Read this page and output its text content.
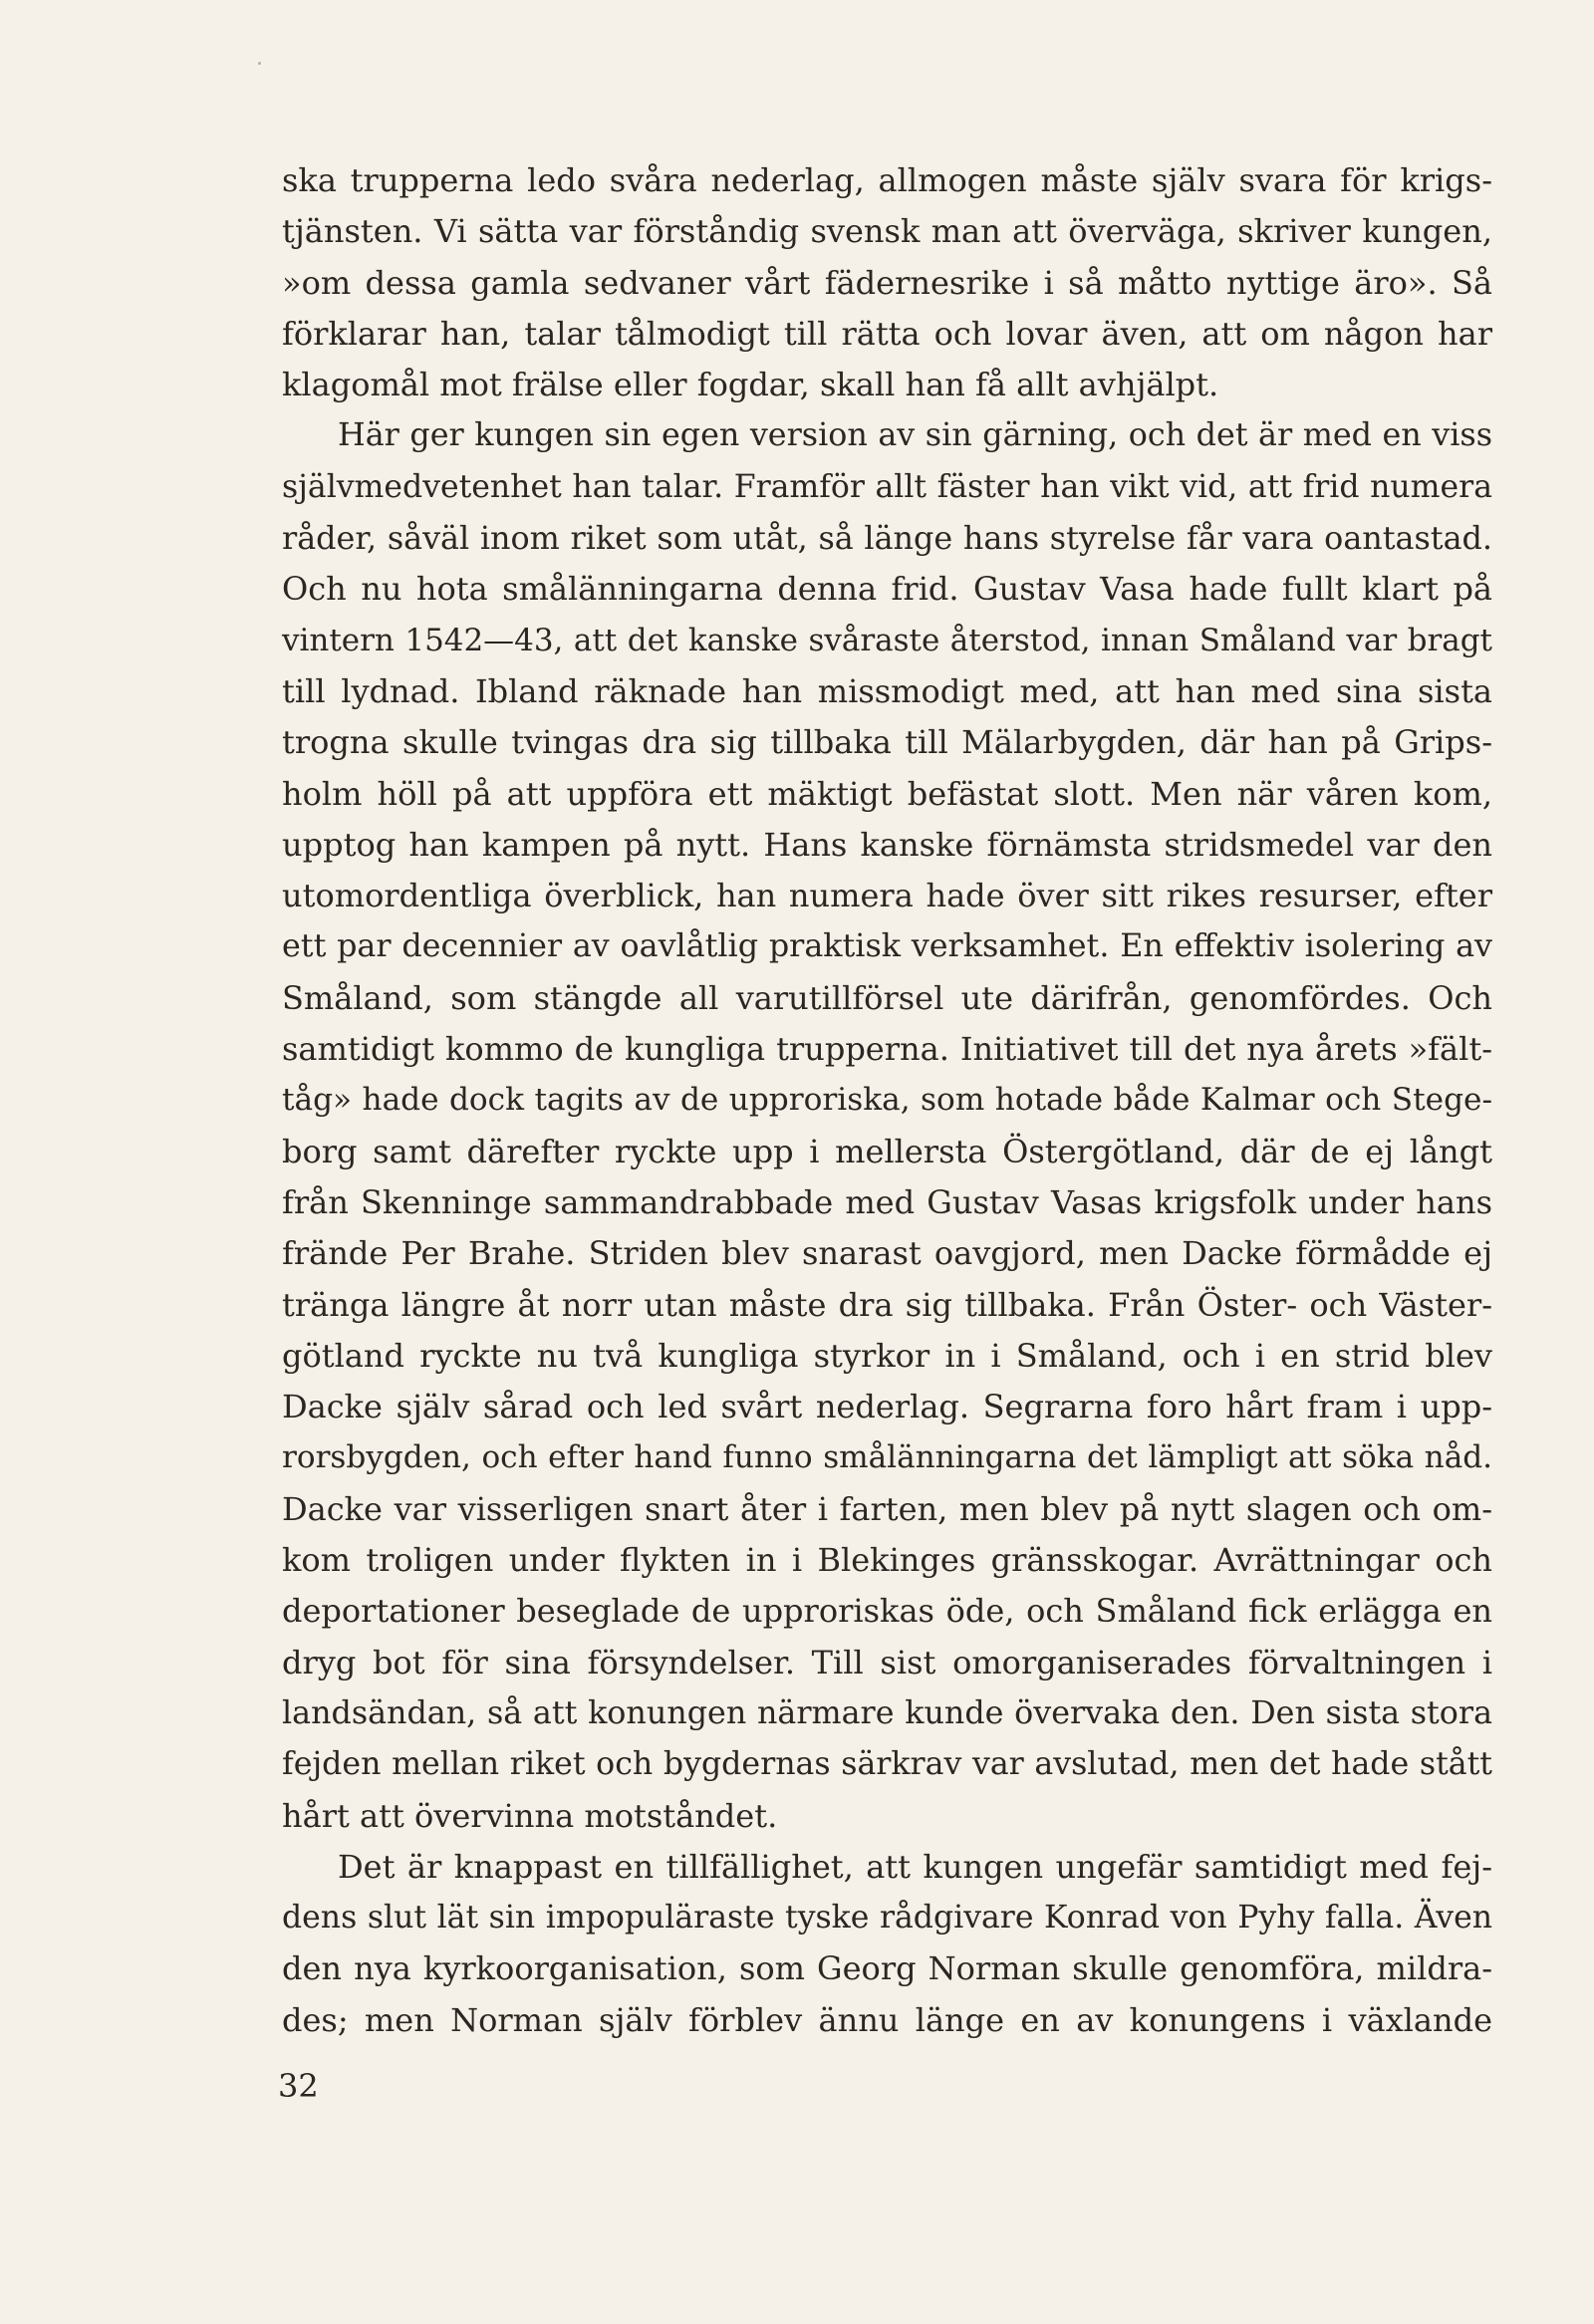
ska trupperna ledo svåra nederlag, allmogen måste själv svara för krigs-
tjänsten. Vi sätta var förståndig svensk man att överväga, skriver kungen,
»om dessa gamla sedvaner vårt fädernesrike i så måtto nyttige äro». Så
förklarar han, talar tålmodigt till rätta och lovar även, att om någon har
klagomål mot frälse eller fogdar, skall han få allt avhjälpt.
Här ger kungen sin egen version av sin gärning, och det är med en viss
självmedvetenhet han talar. Framför allt fäster han vikt vid, att frid numera
råder, såväl inom riket som utåt, så länge hans styrelse får vara oantastad.
Och nu hota smålänningarna denna frid. Gustav Vasa hade fullt klart på
vintern 1542—43, att det kanske svåraste återstod, innan Småland var bragt
till lydnad. Ibland räknade han missmodigt med, att han med sina sista
trogna skulle tvingas dra sig tillbaka till Mälarbygden, där han på Grips-
holm höll på att uppföra ett mäktigt befästat slott. Men när våren kom,
upptog han kampen på nytt. Hans kanske förnämsta stridsmedel var den
utomordentliga överblick, han numera hade över sitt rikes resurser, efter
ett par decennier av oavlåtlig praktisk verksamhet. En effektiv isolering av
Småland, som stängde all varutillförsel ute därifrån, genomfördes. Och
samtidigt kommo de kungliga trupperna. Initiativet till det nya årets »fält-
tåg» hade dock tagits av de upproriska, som hotade både Kalmar och Stege-
borg samt därefter ryckte upp i mellersta Östergötland, där de ej långt
från Skenninge sammandrabbade med Gustav Vasas krigsfolk under hans
frände Per Brahe. Striden blev snarast oavgjord, men Dacke förmådde ej
tränga längre åt norr utan måste dra sig tillbaka. Från Öster- och Väster-
götland ryckte nu två kungliga styrkor in i Småland, och i en strid blev
Dacke själv sårad och led svårt nederlag. Segrarna foro hårt fram i upp-
rorsbygden, och efter hand funno smålänningarna det lämpligt att söka nåd.
Dacke var visserligen snart åter i farten, men blev på nytt slagen och om-
kom troligen under flykten in i Blekinges gränsskogar. Avrättningar och
deportationer beseglade de upproriskas öde, och Småland fick erlägga en
dryg bot för sina försyndelser. Till sist omorganiserades förvaltningen i
landsändan, så att konungen närmare kunde övervaka den. Den sista stora
fejden mellan riket och bygdernas särkrav var avslutad, men det hade stått
hårt att övervinna motståndet.
Det är knappast en tillfällighet, att kungen ungefär samtidigt med fej-
dens slut lät sin impopuläraste tyske rådgivare Konrad von Pyhy falla. Även
den nya kyrkoorganisation, som Georg Norman skulle genomföra, mildra-
des; men Norman själv förblev ännu länge en av konungens i växlande
32
